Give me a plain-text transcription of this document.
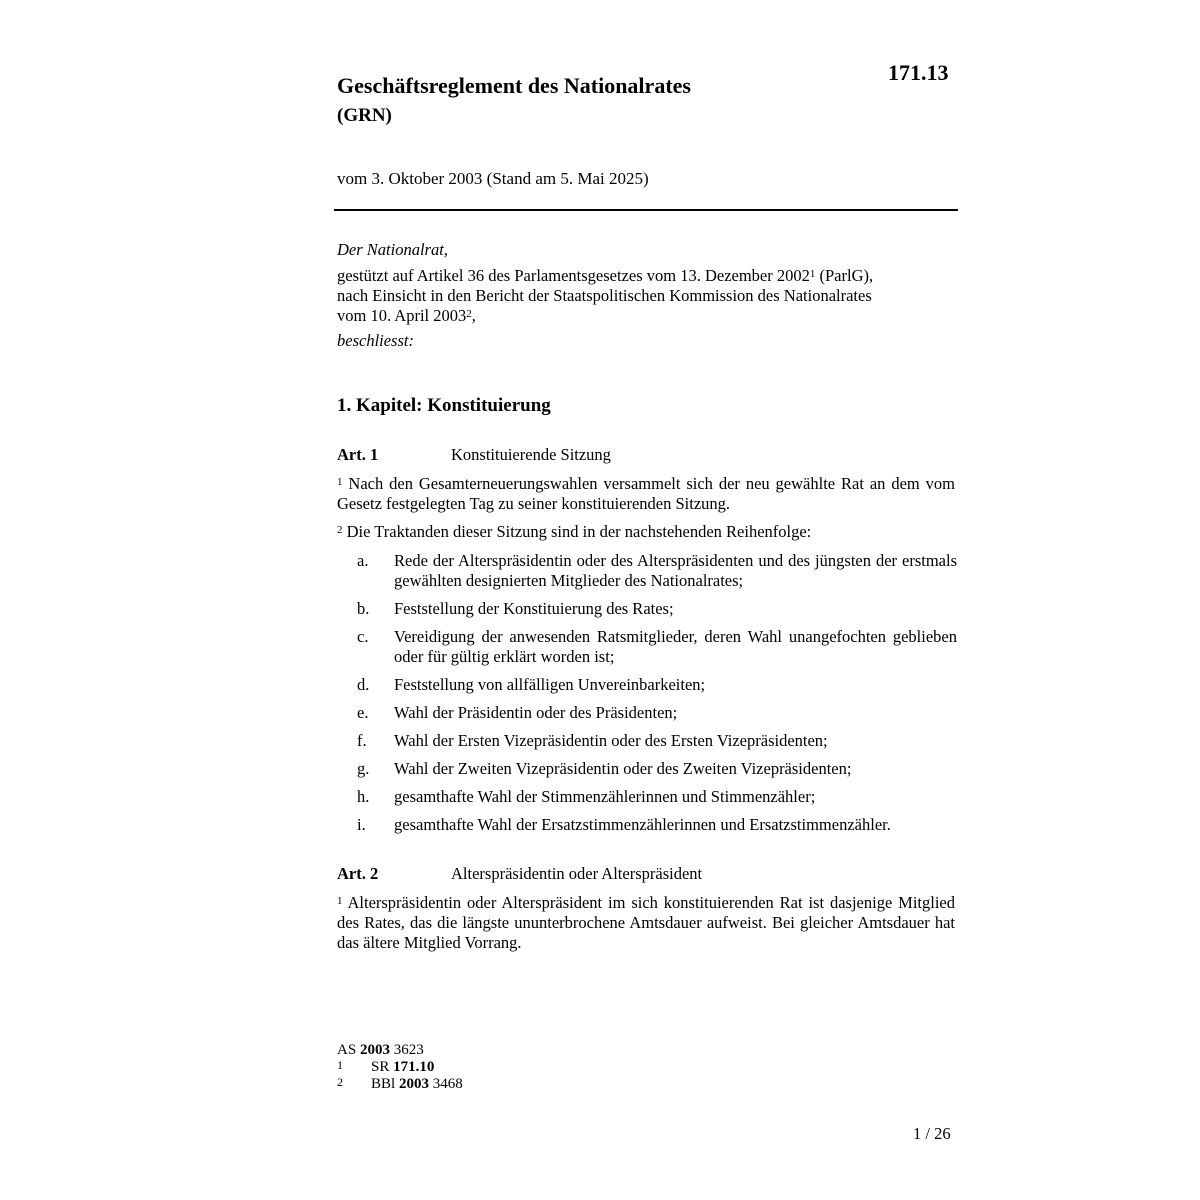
171.13
Geschäftsreglement des Nationalrates
(GRN)
vom 3. Oktober 2003 (Stand am 5. Mai 2025)
Der Nationalrat,
gestützt auf Artikel 36 des Parlamentsgesetzes vom 13. Dezember 2002$^1$ (ParlG),
nach Einsicht in den Bericht der Staatspolitischen Kommission des Nationalrates
vom 10. April 2003$^2$,
beschliesst:
1. Kapitel: Konstituierung
Art. 1	Konstituierende Sitzung
$^1$ Nach den Gesamterneuerungswahlen versammelt sich der neu gewählte Rat an dem vom Gesetz festgelegten Tag zu seiner konstituierenden Sitzung.
$^2$ Die Traktanden dieser Sitzung sind in der nachstehenden Reihenfolge:
a.	Rede der Alterspräsidentin oder des Alterspräsidenten und des jüngsten der erstmals gewählten designierten Mitglieder des Nationalrates;
b.	Feststellung der Konstituierung des Rates;
c.	Vereidigung der anwesenden Ratsmitglieder, deren Wahl unangefochten geblieben oder für gültig erklärt worden ist;
d.	Feststellung von allfälligen Unvereinbarkeiten;
e.	Wahl der Präsidentin oder des Präsidenten;
f.	Wahl der Ersten Vizepräsidentin oder des Ersten Vizepräsidenten;
g.	Wahl der Zweiten Vizepräsidentin oder des Zweiten Vizepräsidenten;
h.	gesamthafte Wahl der Stimmenzählerinnen und Stimmenzähler;
i.	gesamthafte Wahl der Ersatzstimmenzählerinnen und Ersatzstimmenzähler.
Art. 2	Alterspräsidentin oder Alterspräsident
$^1$ Alterspräsidentin oder Alterspräsident im sich konstituierenden Rat ist dasjenige Mitglied des Rates, das die längste ununterbrochene Amtsdauer aufweist. Bei gleicher Amtsdauer hat das ältere Mitglied Vorrang.
AS 2003 3623
1	SR 171.10
2	BBl 2003 3468
1 / 26
